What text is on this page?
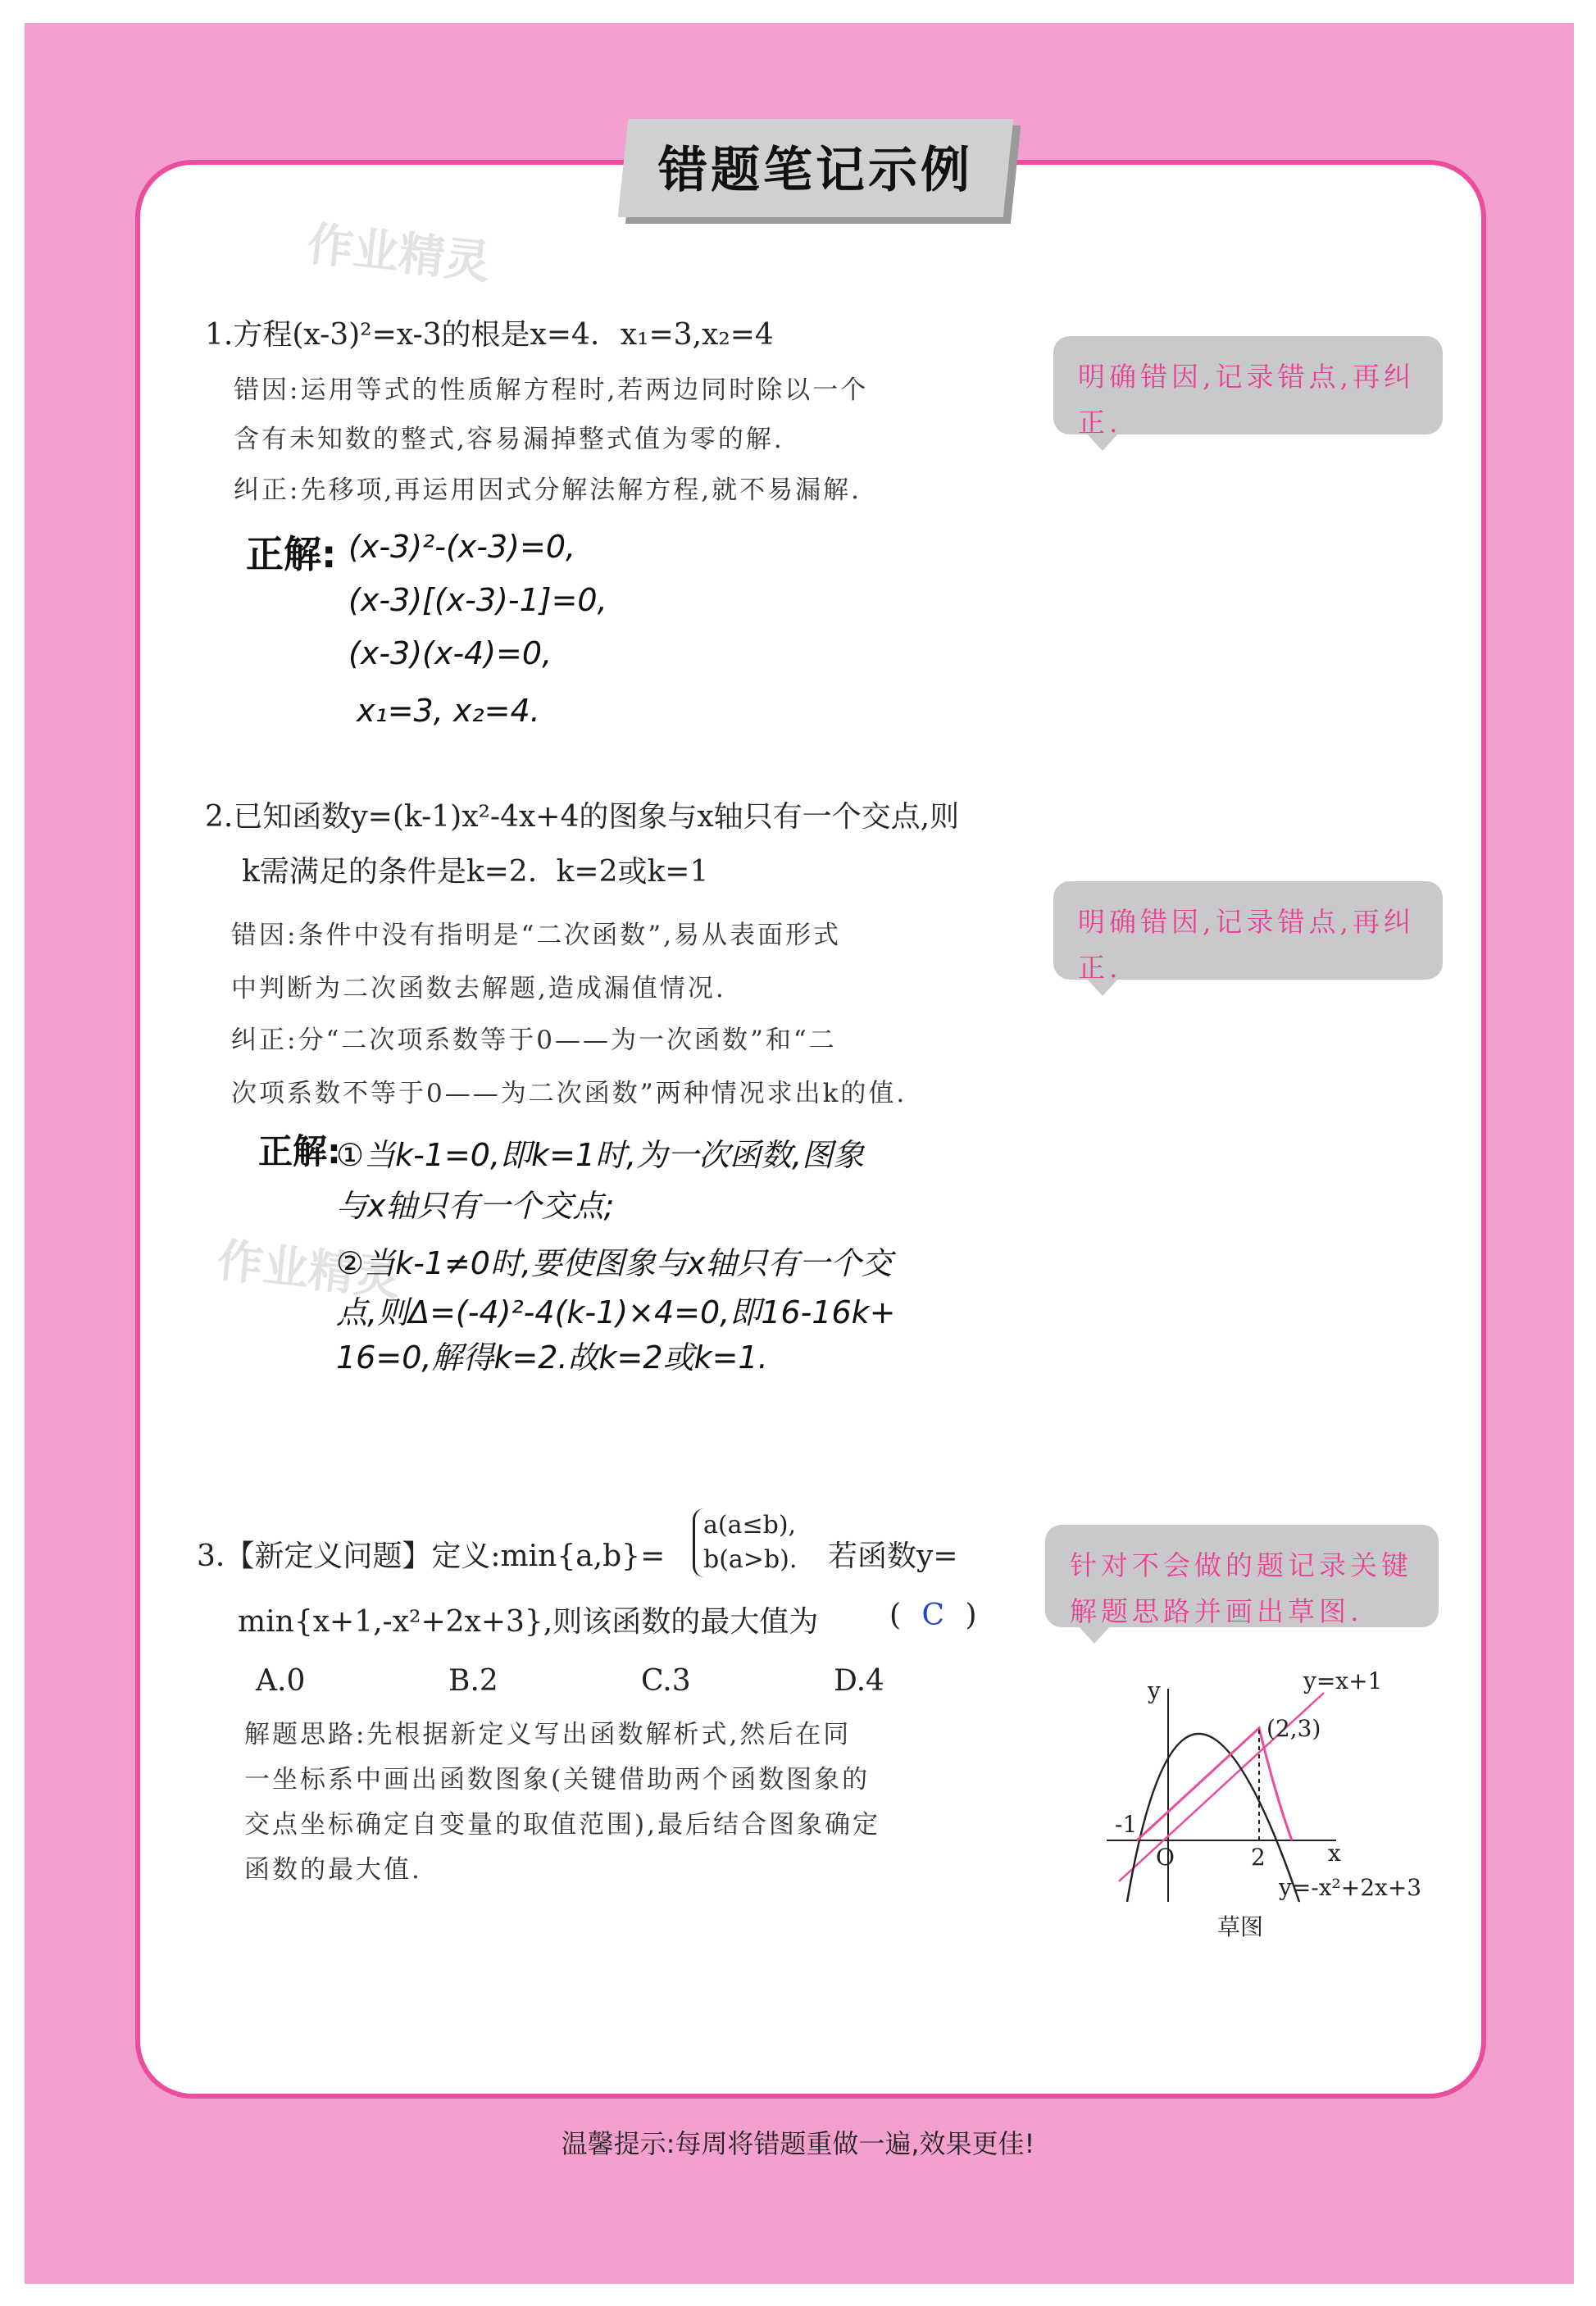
错题笔记示例
作业精灵
作业精灵
1.方程(x-3)²=x-3的根是x=4. x₁=3,x₂=4
错因:运用等式的性质解方程时,若两边同时除以一个
含有未知数的整式,容易漏掉整式值为零的解.
纠正:先移项,再运用因式分解法解方程,就不易漏解.
正解: (x-3)²-(x-3)=0,
(x-3)[(x-3)-1]=0,
(x-3)(x-4)=0,
x₁=3, x₂=4.
明确错因,记录错点,再纠正.
2.已知函数y=(k-1)x²-4x+4的图象与x轴只有一个交点,则
k需满足的条件是k=2. k=2或k=1
错因:条件中没有指明是“二次函数”,易从表面形式
中判断为二次函数去解题,造成漏值情况.
纠正:分“二次项系数等于0——为一次函数”和“二
次项系数不等于0——为二次函数”两种情况求出k的值.
正解:
①当k-1=0,即k=1时,为一次函数,图象
与x轴只有一个交点;
②当k-1≠0时,要使图象与x轴只有一个交
点,则Δ=(-4)²-4(k-1)×4=0,即16-16k+
16=0,解得k=2.故k=2或k=1.
明确错因,记录错点,再纠正.
3.【新定义问题】定义:min{a,b}=
a(a≤b),
b(a>b). 若函数y=
min{x+1,-x²+2x+3},则该函数的最大值为 ( C )
A.0	B.2	C.3	D.4
解题思路:先根据新定义写出函数解析式,然后在同
一坐标系中画出函数图象(关键借助两个函数图象的
交点坐标确定自变量的取值范围),最后结合图象确定
函数的最大值.
针对不会做的题记录关键解题思路并画出草图.
y
x
O
-1
2
(2,3)
y=x+1
y=-x²+2x+3
草图
温馨提示:每周将错题重做一遍,效果更佳!
